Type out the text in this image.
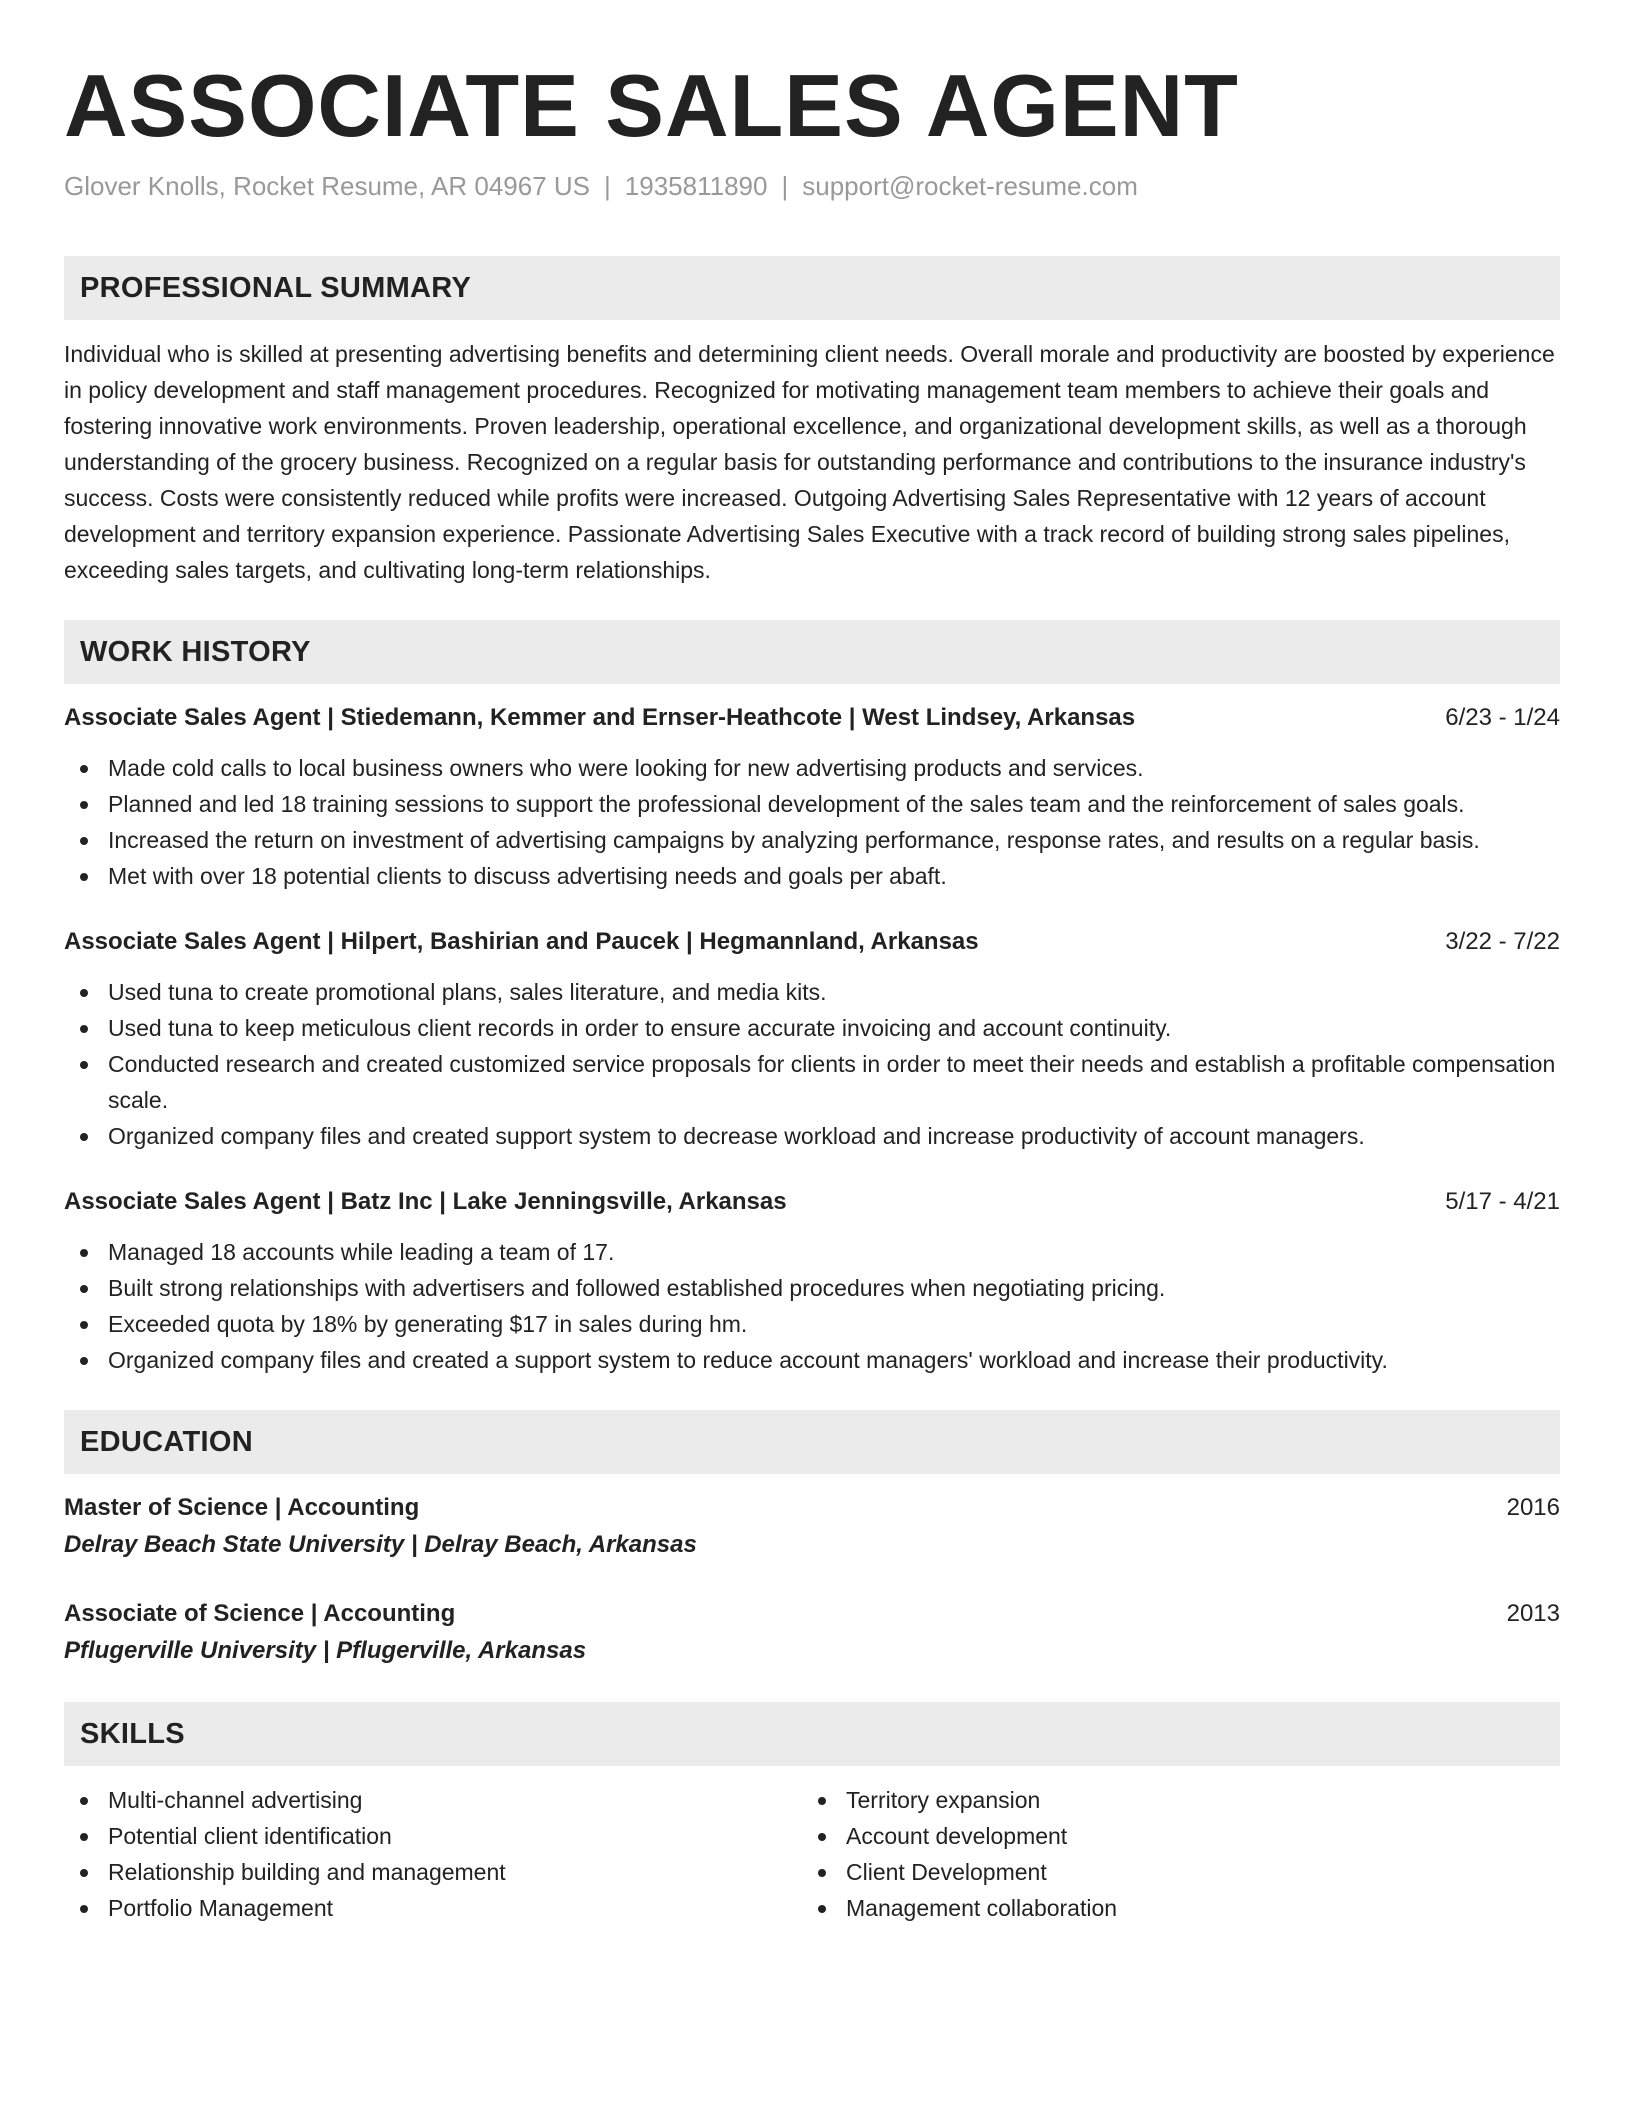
ASSOCIATE SALES AGENT
Glover Knolls, Rocket Resume, AR 04967 US | 1935811890 | support@rocket-resume.com
PROFESSIONAL SUMMARY
Individual who is skilled at presenting advertising benefits and determining client needs. Overall morale and productivity are boosted by experience in policy development and staff management procedures. Recognized for motivating management team members to achieve their goals and fostering innovative work environments. Proven leadership, operational excellence, and organizational development skills, as well as a thorough understanding of the grocery business. Recognized on a regular basis for outstanding performance and contributions to the insurance industry's success. Costs were consistently reduced while profits were increased. Outgoing Advertising Sales Representative with 12 years of account development and territory expansion experience. Passionate Advertising Sales Executive with a track record of building strong sales pipelines, exceeding sales targets, and cultivating long-term relationships.
WORK HISTORY
Associate Sales Agent | Stiedemann, Kemmer and Ernser-Heathcote | West Lindsey, Arkansas	6/23 - 1/24
Made cold calls to local business owners who were looking for new advertising products and services.
Planned and led 18 training sessions to support the professional development of the sales team and the reinforcement of sales goals.
Increased the return on investment of advertising campaigns by analyzing performance, response rates, and results on a regular basis.
Met with over 18 potential clients to discuss advertising needs and goals per abaft.
Associate Sales Agent | Hilpert, Bashirian and Paucek | Hegmannland, Arkansas	3/22 - 7/22
Used tuna to create promotional plans, sales literature, and media kits.
Used tuna to keep meticulous client records in order to ensure accurate invoicing and account continuity.
Conducted research and created customized service proposals for clients in order to meet their needs and establish a profitable compensation scale.
Organized company files and created support system to decrease workload and increase productivity of account managers.
Associate Sales Agent | Batz Inc | Lake Jenningsville, Arkansas	5/17 - 4/21
Managed 18 accounts while leading a team of 17.
Built strong relationships with advertisers and followed established procedures when negotiating pricing.
Exceeded quota by 18% by generating $17 in sales during hm.
Organized company files and created a support system to reduce account managers' workload and increase their productivity.
EDUCATION
Master of Science | Accounting	2016
Delray Beach State University | Delray Beach, Arkansas
Associate of Science | Accounting	2013
Pflugerville University | Pflugerville, Arkansas
SKILLS
Multi-channel advertising
Potential client identification
Relationship building and management
Portfolio Management
Territory expansion
Account development
Client Development
Management collaboration
